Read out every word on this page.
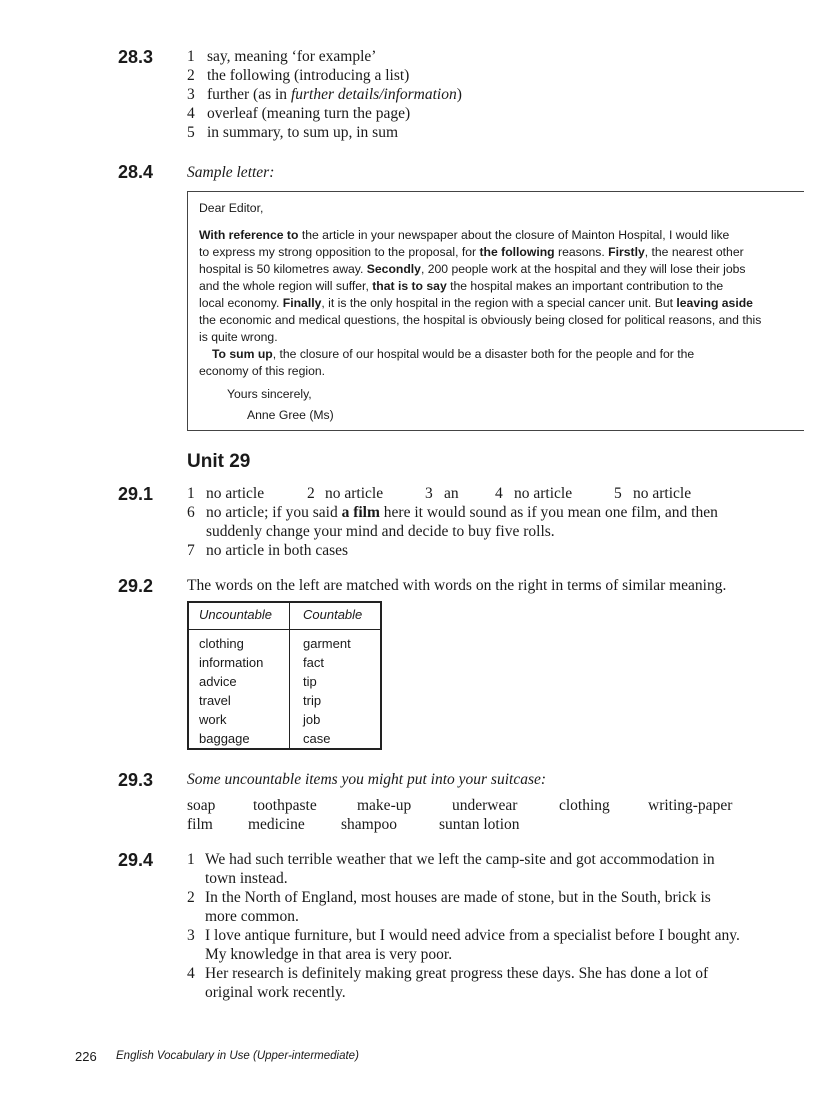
28.3 1 say, meaning ‘for example’
2 the following (introducing a list)
3 further (as in further details/information)
4 overleaf (meaning turn the page)
5 in summary, to sum up, in sum
28.4 Sample letter:
Dear Editor,
With reference to the article in your newspaper about the closure of Mainton Hospital, I would like
to express my strong opposition to the proposal, for the following reasons. Firstly, the nearest other
hospital is 50 kilometres away. Secondly, 200 people work at the hospital and they will lose their jobs
and the whole region will suffer, that is to say the hospital makes an important contribution to the
local economy. Finally, it is the only hospital in the region with a special cancer unit. But leaving aside
the economic and medical questions, the hospital is obviously being closed for political reasons, and this
is quite wrong.
To sum up, the closure of our hospital would be a disaster both for the people and for the
economy of this region.
Yours sincerely,
Anne Gree (Ms)
Unit 29
29.1 1 no article	2 no article	3 an 4 no article	5 no article
6 no article; if you said a film here it would sound as if you mean one film, and then
suddenly change your mind and decide to buy five rolls.
7 no article in both cases
29.2 The words on the left are matched with words on the right in terms of similar meaning.
Uncountable Countable
clothing	garment
information	fact
advice	tip
travel	trip
work	job
baggage	case
29.3 Some uncountable items you might put into your suitcase:
soap toothpaste	make-up	underwear	clothing writing-paper
film medicine shampoo	suntan lotion
29.4 1 We had such terrible weather that we left the camp-site and got accommodation in
town instead.
2 In the North of England, most houses are made of stone, but in the South, brick is
more common.
3 I love antique furniture, but I would need advice from a specialist before I bought any.
My knowledge in that area is very poor.
4 Her research is definitely making great progress these days. She has done a lot of
original work recently.
226 English Vocabulary in Use (Upper-intermediate)
